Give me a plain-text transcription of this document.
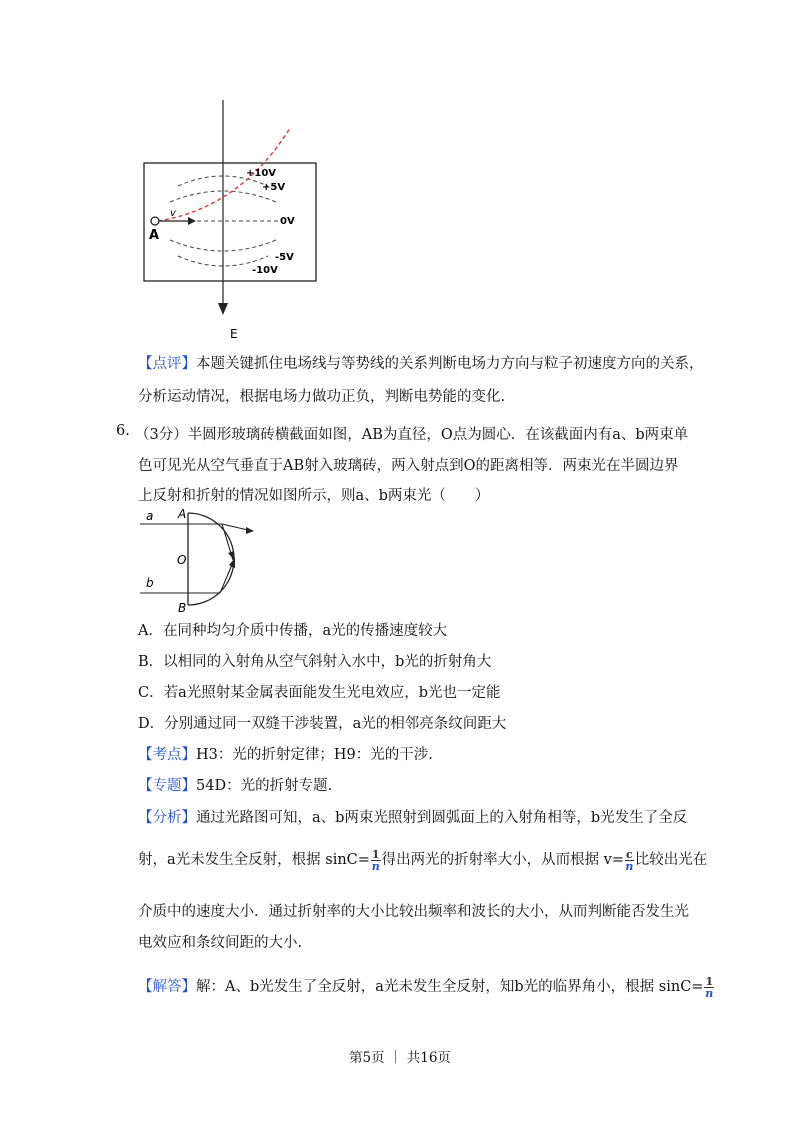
+10V
+5V
0V
-5V
-10V
A
v
E
【点评】本题关键抓住电场线与等势线的关系判断电场力方向与粒子初速度方向的关系，
分析运动情况，根据电场力做功正负，判断电势能的变化.
6. （3分）半圆形玻璃砖横截面如图，AB为直径，O点为圆心．在该截面内有a、b两束单
色可见光从空气垂直于AB射入玻璃砖，两入射点到O的距离相等．两束光在半圆边界
上反射和折射的情况如图所示，则a、b两束光（　　）
a
b
A
B
O
A．在同种均匀介质中传播，a光的传播速度较大
B．以相同的入射角从空气斜射入水中，b光的折射角大
C．若a光照射某金属表面能发生光电效应，b光也一定能
D．分别通过同一双缝干涉装置，a光的相邻亮条纹间距大
【考点】H3：光的折射定律；H9：光的干涉.
【专题】54D：光的折射专题.
【分析】通过光路图可知，a、b两束光照射到圆弧面上的入射角相等，b光发生了全反
射，a光未发生全反射，根据 $\sin C= \frac{1}{n}$ 得出两光的折射率大小，从而根据 $v= \frac{c}{n}$ 比较出光在
介质中的速度大小．通过折射率的大小比较出频率和波长的大小，从而判断能否发生光
电效应和条纹间距的大小.
【解答】解：A、b光发生了全反射，a光未发生全反射，知b光的临界角小，根据 $\sin C= \frac{1}{n}$
第5页 ｜ 共16页
